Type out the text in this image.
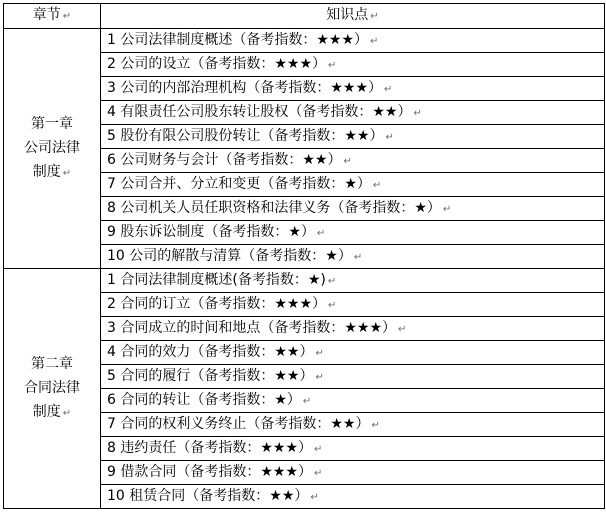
章节 ↵	知识点 ↵

第一章
公司法律
制度 ↵	1 公司法律制度概述（备考指数：★★★） ↵
	2 公司的设立（备考指数：★★★） ↵
	3 公司的内部治理机构（备考指数：★★★） ↵
	4 有限责任公司股东转让股权（备考指数：★★） ↵
	5 股份有限公司股份转让（备考指数：★★） ↵
	6 公司财务与会计（备考指数：★★） ↵
	7 公司合并、分立和变更（备考指数：★） ↵
	8 公司机关人员任职资格和法律义务（备考指数：★） ↵
	9 股东诉讼制度（备考指数：★） ↵
	10 公司的解散与清算（备考指数：★） ↵

第二章
合同法律
制度 ↵	1 合同法律制度概述(备考指数：★) ↵
	2 合同的订立（备考指数：★★★） ↵
	3 合同成立的时间和地点（备考指数：★★★） ↵
	4 合同的效力（备考指数：★★） ↵
	5 合同的履行（备考指数：★★） ↵
	6 合同的转让（备考指数：★） ↵
	7 合同的权利义务终止（备考指数：★★） ↵
	8 违约责任（备考指数：★★★） ↵
	9 借款合同（备考指数：★★★） ↵
	10 租赁合同（备考指数：★★） ↵
